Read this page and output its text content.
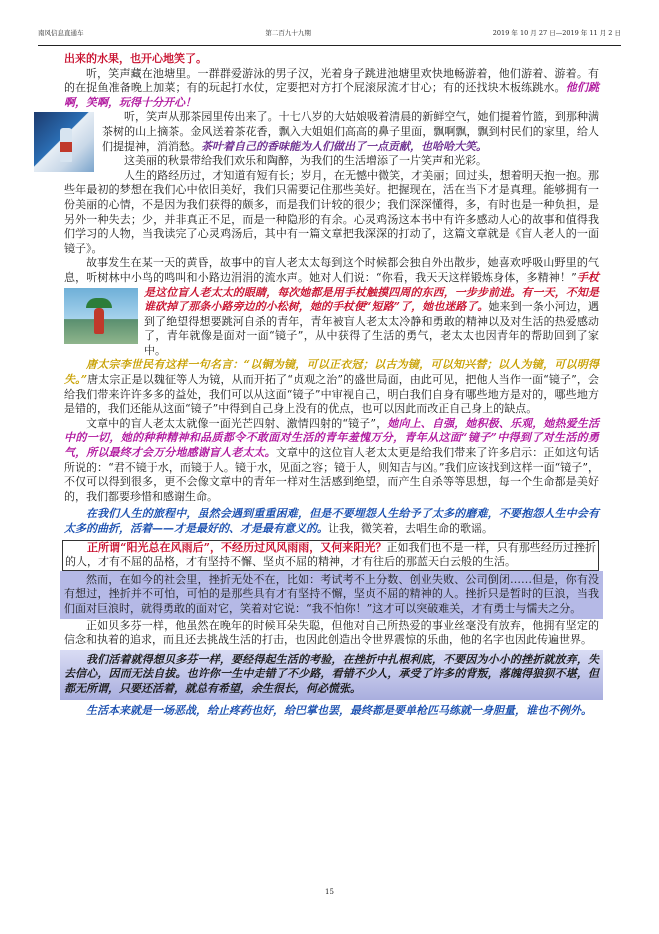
南风信息直通车	第二百九十九期	2019 年 10 月 27 日—2019 年 11 月 2 日

出来的水果，也开心地笑了。

听，笑声藏在池塘里。一群群爱游泳的男子汉，光着身子跳进池塘里欢快地畅游着，他们游着、游着。有的在捉鱼准备晚上加菜；有的玩起打水仗，定要把对方打个屁滚尿流才甘心；有的还找块木板练跳水。他们跳啊，笑啊，玩得十分开心！

听，笑声从那茶园里传出来了。十七八岁的大姑娘吸着清晨的新鲜空气，她们提着竹篮，到那种满茶树的山上摘茶。金风送着茶花香，飘入大姐姐们高高的鼻子里面，飘啊飘，飘到村民们的家里，给人们提提神，消消愁。茶叶着自己的香味能为人们做出了一点贡献，也哈哈大笑。

这美丽的秋景带给我们欢乐和陶醉，为我们的生活增添了一片笑声和光彩。

人生的路经历过，才知道有短有长；岁月，在无憾中微笑，才美丽；回过头，想着明天抱一抱。那些年最初的梦想在我们心中依旧美好，我们只需要记住那些美好。把握现在，活在当下才是真理。能够拥有一份美丽的心情，不是因为我们获得的颇多，而是我们计较的很少；我们深深懂得，多，有时也是一种负担，是另外一种失去；少，并非真正不足，而是一种隐形的有余。心灵鸡汤这本书中有许多感动人心的故事和值得我们学习的人物，当我读完了心灵鸡汤后，其中有一篇文章把我深深的打动了，这篇文章就是《盲人老人的一面镜子》。

故事发生在某一天的黄昏，故事中的盲人老太太每到这个时候都会独自外出散步，她喜欢呼吸山野里的气息，听树林中小鸟的鸣叫和小路边涓涓的流水声。她对人们说：“你看，我天天这样锻炼身体，多精神！”
手杖是这位盲人老太太的眼睛，每次她都是用手杖触摸四周的东西，一步步前进。有一天，不知是谁砍掉了那条小路旁边的小松树，她的手杖便“短路”了，她也迷路了。她来到一条小河边，遇到了绝望得想要跳河自杀的青年，青年被盲人老太太冷静和勇敢的精神以及对生活的热爱感动了，青年就像是面对一面“镜子”，从中获得了生活的勇气，老太太也因青年的帮助回到了家中。

唐太宗李世民有这样一句名言：“以铜为镜，可以正衣冠；以古为镜，可以知兴替；以人为镜，可以明得失。”唐太宗正是以魏征等人为镜，从而开拓了“贞观之治”的盛世局面，由此可见，把他人当作一面“镜子”，会给我们带来许许多多的益处，我们可以从这面“镜子”中审视自己，明白我们自身有哪些地方是对的，哪些地方是错的，我们还能从这面“镜子”中得到自己身上没有的优点，也可以因此而改正自己身上的缺点。

文章中的盲人老太太就像一面光芒四射、激情四射的“镜子”，她向上、自强，她积极、乐观，她热爱生活中的一切，她的种种精神和品质都令不敢面对生活的青年羞愧万分，青年从这面“镜子”中得到了对生活的勇气，所以最终才会万分地感谢盲人老太太。文章中的这位盲人老太太更是给我们带来了许多启示：正如这句话所说的：“君不镜于水，而镜于人。镜于水，见面之容；镜于人，则知吉与凶。”我们应该找到这样一面“镜子”，不仅可以得到很多，更不会像文章中的青年一样对生活感到绝望，而产生自杀等等思想，每一个生命都是美好的，我们都要珍惜和感谢生命。

在我们人生的旅程中，虽然会遇到重重困难，但是不要埋怨人生给予了太多的磨难，不要抱怨人生中会有太多的曲折，活着——才是最好的、才是最有意义的。让我，微笑着，去唱生命的歌谣。

正所谓“阳光总在风雨后”，不经历过风风雨雨，又何来阳光？正如我们也不是一样，只有那些经历过挫折的人，才有不屈的品格，才有坚持不懈、坚贞不屈的精神，才有往后的那蓝天白云般的生活。

然而，在如今的社会里，挫折无处不在，比如：考试考不上分数、创业失败、公司倒闭……但是，你有没有想过，挫折并不可怕，可怕的是那些具有才有坚持不懈，坚贞不屈的精神的人。挫折只是暂时的巨浪，当我们面对巨浪时，就得勇敢的面对它，笑着对它说：“我不怕你！”这才可以突破难关，才有勇士与懦夫之分。

正如贝多芬一样，他虽然在晚年的时候耳朵失聪，但他对自己所热爱的事业丝毫没有放弃，他拥有坚定的信念和执着的追求，而且还去挑战生活的打击，也因此创造出令世界震惊的乐曲，他的名字也因此传遍世界。

我们活着就得想贝多芬一样，要经得起生活的考验，在挫折中扎根利底，不要因为小小的挫折就放弃，失去信心，因而无法自拔。也许你一生中走错了不少路，看错不少人，承受了许多的背叛，落魄得狼狈不堪，但都无所谓，只要还活着，就总有希望，余生很长，何必慌张。

生活本来就是一场恶战，给止疼药也好，给巴掌也罢，最终都是要单枪匹马练就一身胆量，谁也不例外。

15
